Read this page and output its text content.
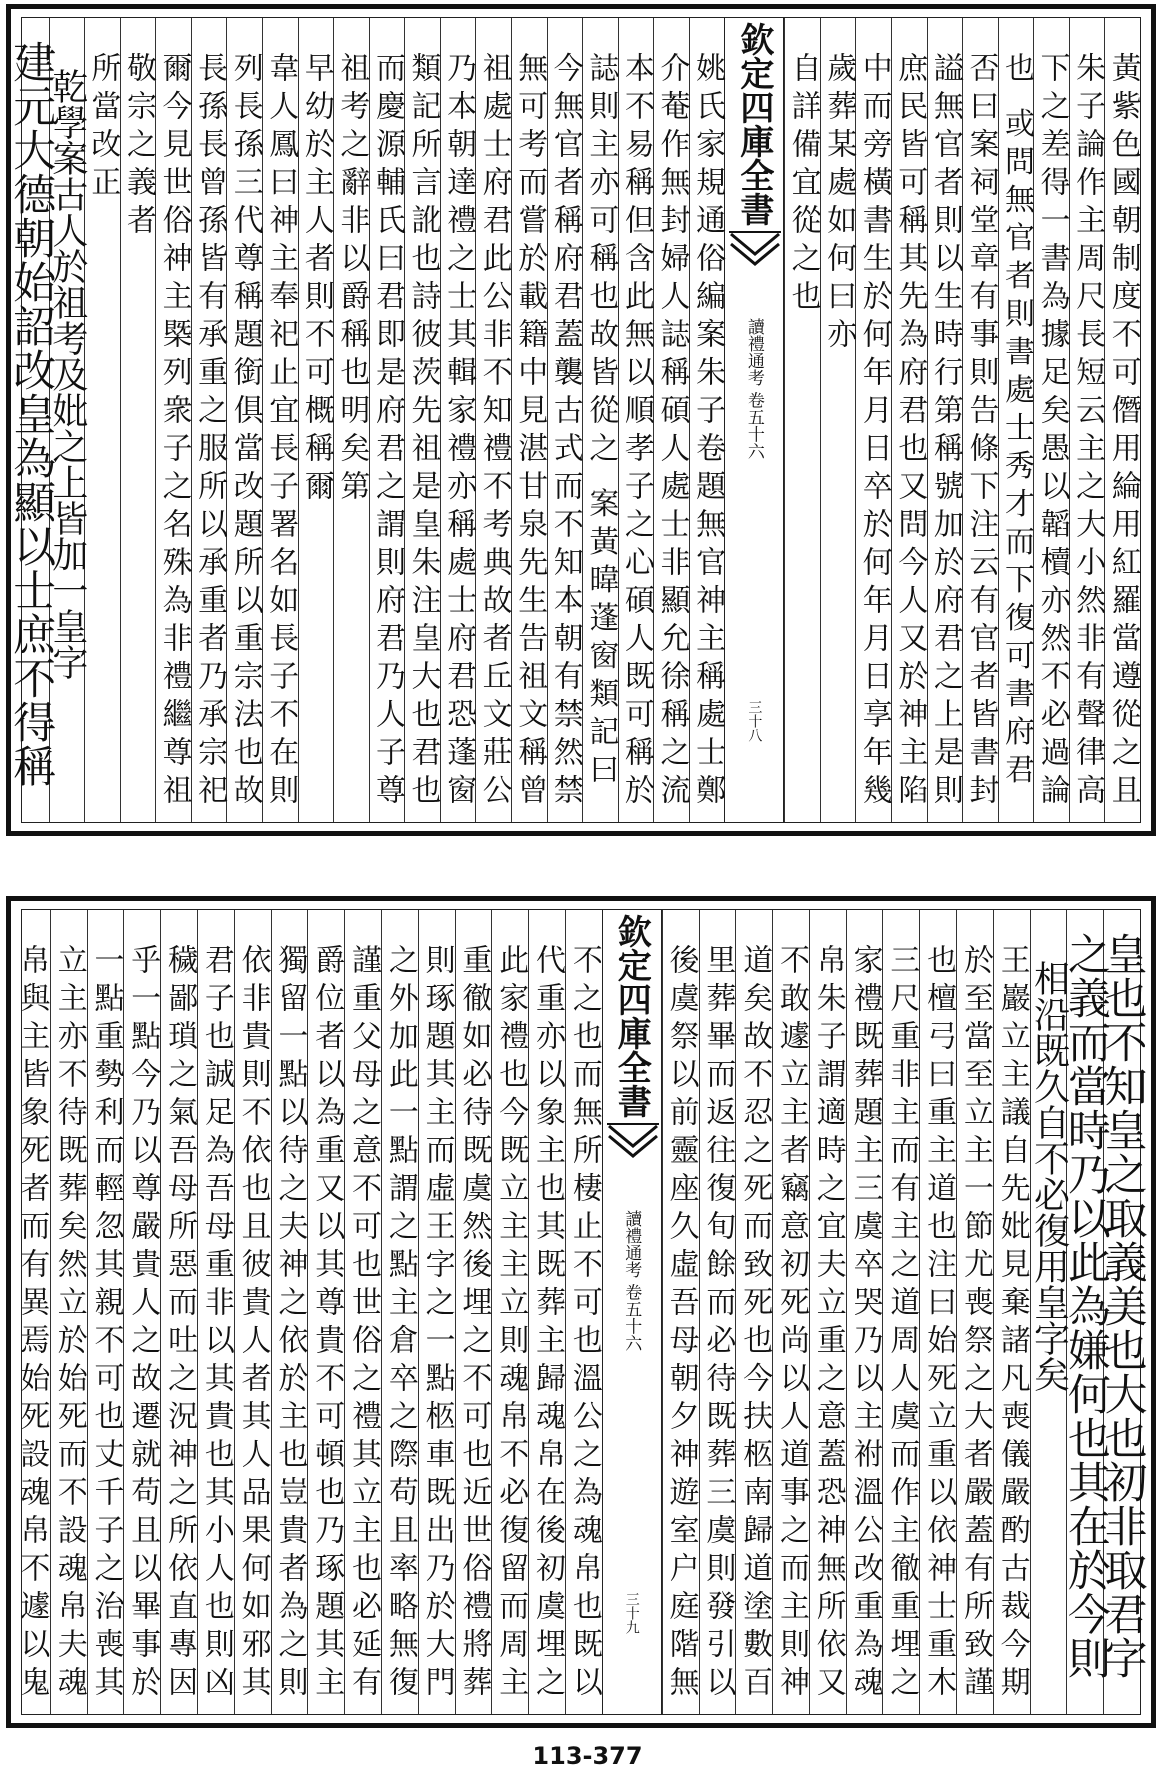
黃紫色國朝制度不可僭用綸用紅羅當遵從之且
朱子論作主周尺長短云主之大小然非有聲律高
下之差得一書為據足矣愚以韜櫝亦然不必過論
也 或問無官者則書處士秀才而下復可書府君
否曰案祠堂章有事則告條下注云有官者皆書封
謚無官者則以生時行第稱號加於府君之上是則
庶民皆可稱其先為府君也又問今人又於神主陷
中而旁橫書生於何年月日卒於何年月日享年幾
歲葬某處如何曰亦
自詳備宜從之也
欽定四庫全書
讀禮通考 卷五十六
三十八
姚氏家規通俗編案朱子卷題無官神主稱處士鄭
介菴作無封婦人誌稱碩人處士非顯允徐稱之流
本不易稱但含此無以順孝子之心碩人既可稱於
誌則主亦可稱也故皆從之 案黃暐蓬窗類記曰
今無官者稱府君蓋襲古式而不知本朝有禁然禁
無可考而嘗於載籍中見湛甘泉先生告祖文稱曾
祖處士府君此公非不知禮不考典故者丘文莊公
乃本朝達禮之士其輯家禮亦稱處士府君恐蓬窗
類記所言訛也詩彼茨先祖是皇朱注皇大也君也
而慶源輔氏曰君即是府君之謂則府君乃人子尊
祖考之辭非以爵稱也明矣第
早幼於主人者則不可概稱爾
韋人鳳曰神主奉祀止宜長子署名如長子不在則
列長孫三代尊稱題銜俱當改題所以重宗法也故
長孫長曾孫皆有承重之服所以承重者乃承宗祀
爾今見世俗神主槩列衆子之名殊為非禮繼尊祖
敬宗之義者
所當改正
乾學案古人於祖考及妣之上皆加一皇字
建元大德朝始詔改皇為顯以士庶不得稱
皇也不知皇之取義美也大也初非取君字
之義而當時乃以此為嫌何也其在於今則
相沿既久自不必復用皇字矣
王巖立主議自先妣見棄諸凡喪儀嚴酌古裁今期
於至當至立主一節尤喪祭之大者嚴蓋有所致謹
也檀弓曰重主道也注曰始死立重以依神士重木
三尺重非主而有主之道周人虞而作主徹重埋之
家禮既葬題主三虞卒哭乃以主祔溫公改重為魂
帛朱子謂適時之宜夫立重之意蓋恐神無所依又
不敢遽立主者竊意初死尚以人道事之而主則神
道矣故不忍之死而致死也今扶柩南歸道塗數百
里葬畢而返往復旬餘而必待既葬三虞則發引以
後虞祭以前靈座久虛吾母朝夕神遊室户庭階無
欽定四庫全書
讀禮通考 卷五十六
三十九
不之也而無所棲止不可也溫公之為魂帛也既以
代重亦以象主也其既葬主歸魂帛在後初虞埋之
此家禮也今既立主主立則魂帛不必復留而周主
重徹如必待既虞然後埋之不可也近世俗禮將葬
則琢題其主而虛王字之一點柩車既出乃於大門
之外加此一點謂之點主倉卒之際苟且率略無復
謹重父母之意不可也世俗之禮其立主也必延有
爵位者以為重又以其尊貴不可頓也乃琢題其主
獨留一點以待之夫神之依於主也豈貴者為之則
依非貴則不依也且彼貴人者其人品果何如邪其
君子也誠足為吾母重非以其貴也其小人也則凶
穢鄙瑣之氣吾母所惡而吐之況神之所依直專因
乎一點今乃以尊嚴貴人之故遷就苟且以畢事於
一點重勢利而輕忽其親不可也丈千子之治喪其
立主亦不待既葬矣然立於始死而不設魂帛夫魂
帛與主皆象死者而有異焉始死設魂帛不遽以鬼
113-377
